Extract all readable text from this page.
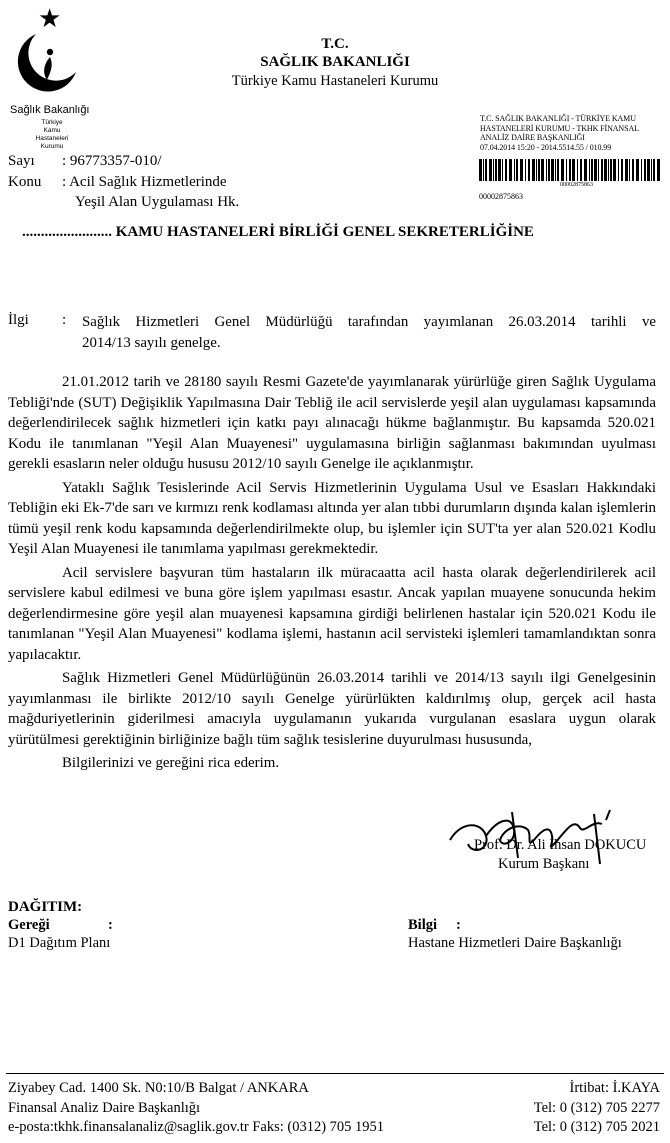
★
Sağlık Bakanlığı
Türkiye Kamu
Hastaneleri Kurumu
T.C.
SAĞLIK BAKANLIĞI
Türkiye Kamu Hastaneleri Kurumu
T.C. SAĞLIK BAKANLIĞI - TÜRKİYE KAMU
HASTANELERİ KURUMU - TKHK FİNANSAL
ANALİZ DAİRE BAŞKANLIĞI
07.04.2014 15:20 - 2014.5514.55 / 010.99
00002875863
00002875863
Sayı : 96773357-010/
Konu : Acil Sağlık Hizmetlerinde
Yeşil Alan Uygulaması Hk.
........................ KAMU HASTANELERİ BİRLİĞİ GENEL SEKRETERLİĞİNE
İlgi : Sağlık Hizmetleri Genel Müdürlüğü tarafından yayımlanan 26.03.2014 tarihli ve
2014/13 sayılı genelge.

21.01.2012 tarih ve 28180 sayılı Resmi Gazete'de yayımlanarak yürürlüğe giren Sağlık Uygulama Tebliği'nde (SUT) Değişiklik Yapılmasına Dair Tebliğ ile acil servislerde yeşil alan uygulaması kapsamında değerlendirilecek sağlık hizmetleri için katkı payı alınacağı hükme bağlanmıştır. Bu kapsamda 520.021 Kodu ile tanımlanan "Yeşil Alan Muayenesi" uygulamasına birliğin sağlanması bakımından uyulması gerekli esasların neler olduğu hususu 2012/10 sayılı Genelge ile açıklanmıştır.

Yataklı Sağlık Tesislerinde Acil Servis Hizmetlerinin Uygulama Usul ve Esasları Hakkındaki Tebliğin eki Ek-7'de sarı ve kırmızı renk kodlaması altında yer alan tıbbi durumların dışında kalan işlemlerin tümü yeşil renk kodu kapsamında değerlendirilmekte olup, bu işlemler için SUT'ta yer alan 520.021 Kodlu Yeşil Alan Muayenesi ile tanımlama yapılması gerekmektedir.

Acil servislere başvuran tüm hastaların ilk müracaatta acil hasta olarak değerlendirilerek acil servislere kabul edilmesi ve buna göre işlem yapılması esastır. Ancak yapılan muayene sonucunda hekim değerlendirmesine göre yeşil alan muayenesi kapsamına girdiği belirlenen hastalar için 520.021 Kodu ile tanımlanan "Yeşil Alan Muayenesi" kodlama işlemi, hastanın acil servisteki işlemleri tamamlandıktan sonra yapılacaktır.

Sağlık Hizmetleri Genel Müdürlüğünün 26.03.2014 tarihli ve 2014/13 sayılı ilgi Genelgesinin yayımlanması ile birlikte 2012/10 sayılı Genelge yürürlükten kaldırılmış olup, gerçek acil hasta mağduriyetlerinin giderilmesi amacıyla uygulamanın yukarıda vurgulanan esaslara uygun olarak yürütülmesi gerektiğinin birliğinize bağlı tüm sağlık tesislerine duyurulması hususunda,

Bilgilerinizi ve gereğini rica ederim.

Prof. Dr. Ali İhsan DOKUCU
Kurum Başkanı
DAĞITIM:
Gereği	:
D1 Dağıtım Planı
Bilgi :
Hastane Hizmetleri Daire Başkanlığı
Ziyabey Cad. 1400 Sk. N0:10/B Balgat / ANKARA
Finansal Analiz Daire Başkanlığı
e-posta:tkhk.finansalanaliz@saglik.gov.tr Faks: (0312) 705 1951
İrtibat: İ.KAYA
Tel: 0 (312) 705 2277
Tel: 0 (312) 705 2021
